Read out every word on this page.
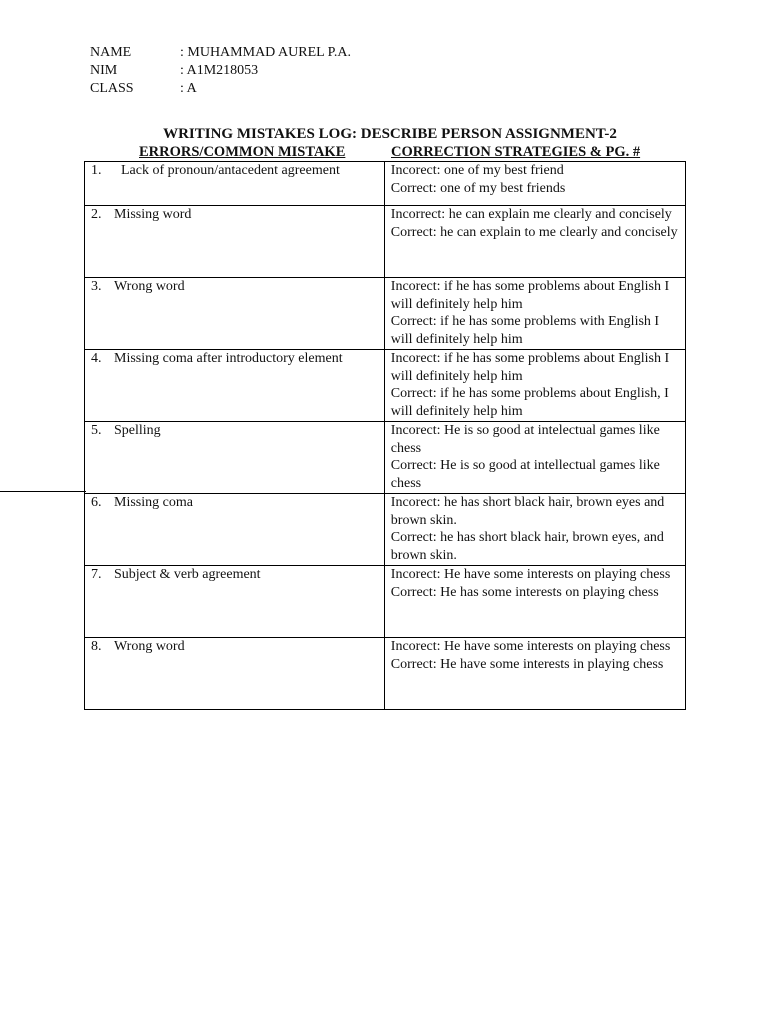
NAME	: MUHAMMAD AUREL P.A.
NIM	: A1M218053
CLASS	: A
WRITING MISTAKES LOG: DESCRIBE PERSON ASSIGNMENT-2
ERRORS/COMMON MISTAKE	CORRECTION STRATEGIES & PG. #
1.  Lack of pronoun/antacedent agreement	Incorect: one of my best friend
Correct: one of my best friends

2. Missing word	Incorrect: he can explain me clearly and concisely
Correct: he can explain to me clearly and concisely

3. Wrong word	Incorect: if he has some problems about English I will definitely help him
Correct: if he has some problems with English I will definitely help him

4. Missing coma after introductory element	Incorect: if he has some problems about English I will definitely help him
Correct: if he has some problems about English, I will definitely help him

5. Spelling	Incorect: He is so good at intelectual games like chess
Correct: He is so good at intellectual games like chess

6. Missing coma	Incorect: he has short black hair, brown eyes and brown skin.
Correct: he has short black hair, brown eyes, and brown skin.

7. Subject & verb agreement	Incorect: He have some interests on playing chess
Correct: He has some interests on playing chess

8. Wrong word	Incorect: He have some interests on playing chess
Correct: He have some interests in playing chess
